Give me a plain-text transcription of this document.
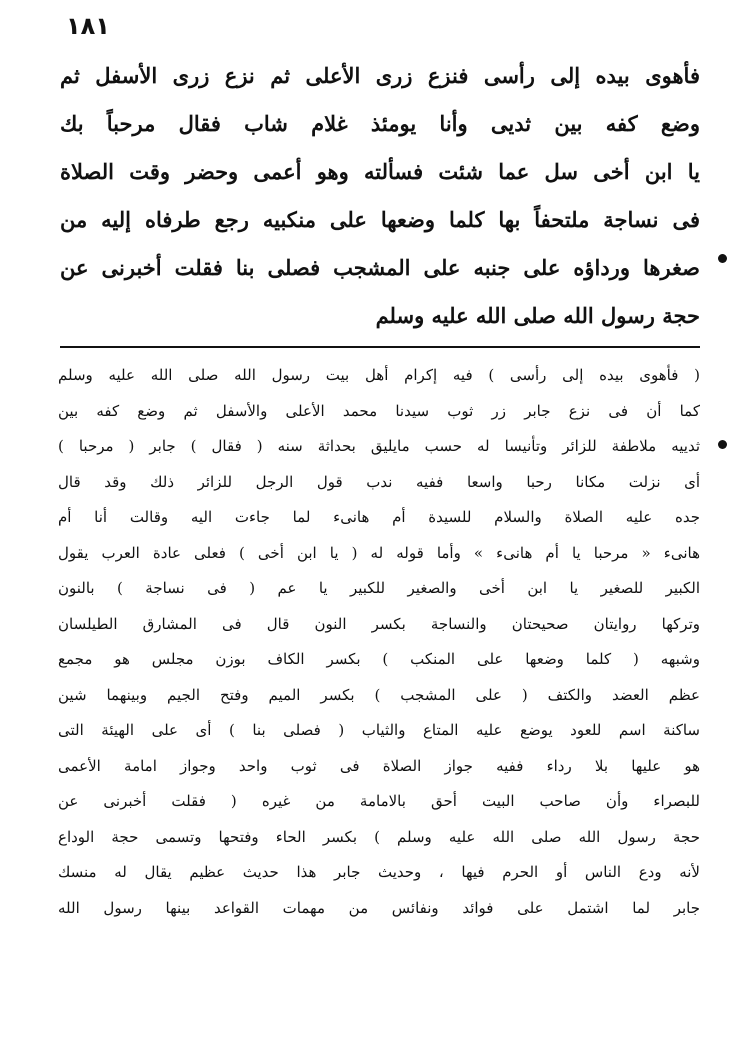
١٨١
فأهوى بيده إلى رأسى فنزع زرى الأعلى ثم نزع زرى الأسفل ثم
وضع كفه بين ثديى وأنا يومئذ غلام شاب فقال مرحباً بك
يا ابن أخى سل عما شئت فسألته وهو أعمى وحضر وقت الصلاة
فى نساجة ملتحفاً بها كلما وضعها على منكبيه رجع طرفاه إليه من
صغرها ورداؤه على جنبه على المشجب فصلى بنا فقلت أخبرنى عن
حجة رسول الله صلى الله عليه وسلم
( فأهوى بيده إلى رأسى ) فيه إكرام أهل بيت رسول الله صلى الله عليه وسلم
كما أن فى نزع جابر زر ثوب سيدنا محمد الأعلى والأسفل ثم وضع كفه بين
ثدييه ملاطفة للزائر وتأنيسا له حسب مايليق بحداثة سنه ( فقال ) جابر ( مرحبا )
أى نزلت مكانا رحبا واسعا ففيه ندب قول الرجل للزائر ذلك وقد قال
جده عليه الصلاة والسلام للسيدة أم هانىء لما جاءت اليه وقالت أنا أم
هانىء « مرحبا يا أم هانىء » وأما قوله له ( يا ابن أخى ) فعلى عادة العرب يقول
الكبير للصغير يا ابن أخى والصغير للكبير يا عم ( فى نساجة ) بالنون
وتركها روايتان صحيحتان والنساجة بكسر النون قال فى المشارق الطيلسان
وشبهه ( كلما وضعها على المنكب ) بكسر الكاف بوزن مجلس هو مجمع
عظم العضد والكتف ( على المشجب ) بكسر الميم وفتح الجيم وبينهما شين
ساكنة اسم للعود يوضع عليه المتاع والثياب ( فصلى بنا ) أى على الهيئة التى
هو عليها بلا رداء ففيه جواز الصلاة فى ثوب واحد وجواز امامة الأعمى
للبصراء وأن صاحب البيت أحق بالامامة من غيره ( فقلت أخبرنى عن
حجة رسول الله صلى الله عليه وسلم ) بكسر الحاء وفتحها وتسمى حجة الوداع
لأنه ودع الناس أو الحرم فيها ، وحديث جابر هذا حديث عظيم يقال له منسك
جابر لما اشتمل على فوائد ونفائس من مهمات القواعد بينها رسول الله
